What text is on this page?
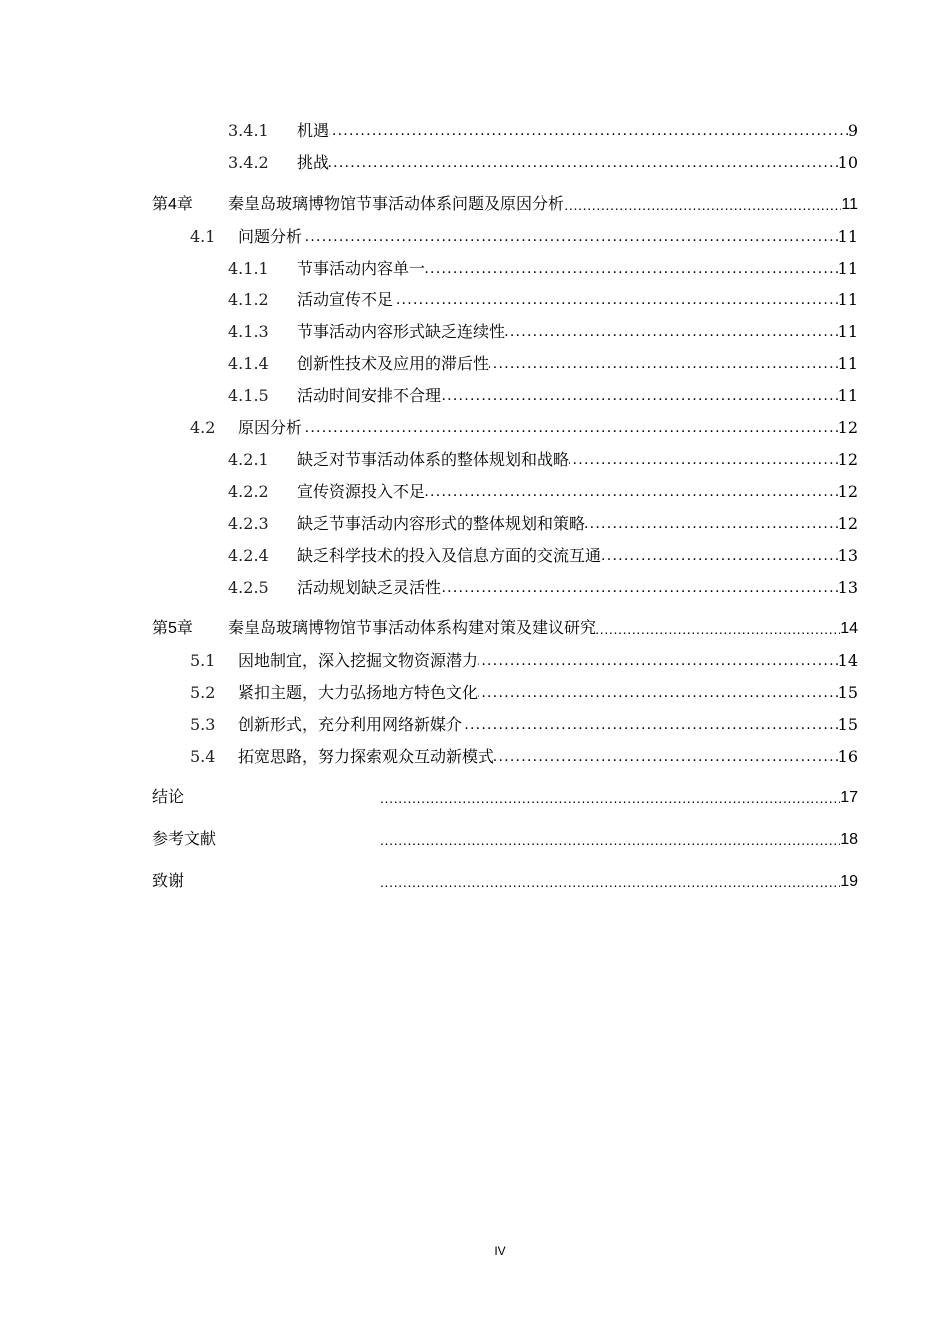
3.4.1	机遇 . . .	9
3.4.2	挑战 . . .	10
第4章	秦皇岛玻璃博物馆节事活动体系问题及原因分析 . . .	11
4.1	问题分析 . . .	11
4.1.1	节事活动内容单一 . . .	11
4.1.2	活动宣传不足 . . .	11
4.1.3	节事活动内容形式缺乏连续性 . . .	11
4.1.4	创新性技术及应用的滞后性 . . .	11
4.1.5	活动时间安排不合理 . . .	11
4.2	原因分析 . . .	12
4.2.1	缺乏对节事活动体系的整体规划和战略 . . .	12
4.2.2	宣传资源投入不足 . . .	12
4.2.3	缺乏节事活动内容形式的整体规划和策略 . . .	12
4.2.4	缺乏科学技术的投入及信息方面的交流互通 . . .	13
4.2.5	活动规划缺乏灵活性 . . .	13
第5章	秦皇岛玻璃博物馆节事活动体系构建对策及建议研究 . . .	14
5.1	因地制宜，深入挖掘文物资源潜力 . . .	14
5.2	紧扣主题，大力弘扬地方特色文化 . . .	15
5.3	创新形式，充分利用网络新媒介 . . .	15
5.4	拓宽思路，努力探索观众互动新模式 . . .	16
结论 . . .	17
参考文献 . . .	18
致谢 . . .	19
IV
